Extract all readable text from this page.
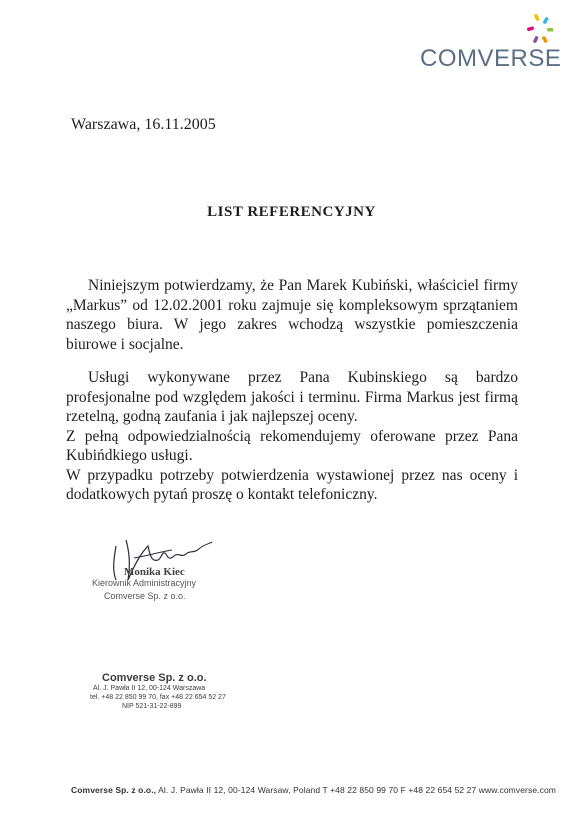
COMVERSE
Warszawa, 16.11.2005
LIST REFERENCYJNY
Niniejszym potwierdzamy, że Pan Marek Kubiński, właściciel firmy „Markus” od 12.02.2001 roku zajmuje się kompleksowym sprzątaniem naszego biura. W jego zakres wchodzą wszystkie pomieszczenia biurowe i socjalne.

Usługi wykonywane przez Pana Kubinskiego są bardzo profesjonalne pod względem jakości i terminu. Firma Markus jest firmą rzetelną, godną zaufania i jak najlepszej oceny.

Z pełną odpowiedzialnością rekomendujemy oferowane przez Pana Kubińdkiego usługi.

W przypadku potrzeby potwierdzenia wystawionej przez nas oceny i dodatkowych pytań proszę o kontakt telefoniczny.

Monika Kiec
Kierownik Administracyjny
Comverse Sp. z o.o.
Comverse Sp. z o.o.
Al. J. Pawła II 12, 00-124 Warszawa
tel. +48 22 850 99 70, fax +48 22 654 52 27
NIP 521-31-22-899
Comverse Sp. z o.o., Al. J. Pawła II 12, 00-124 Warsaw, Poland T +48 22 850 99 70 F +48 22 654 52 27 www.comverse.com
